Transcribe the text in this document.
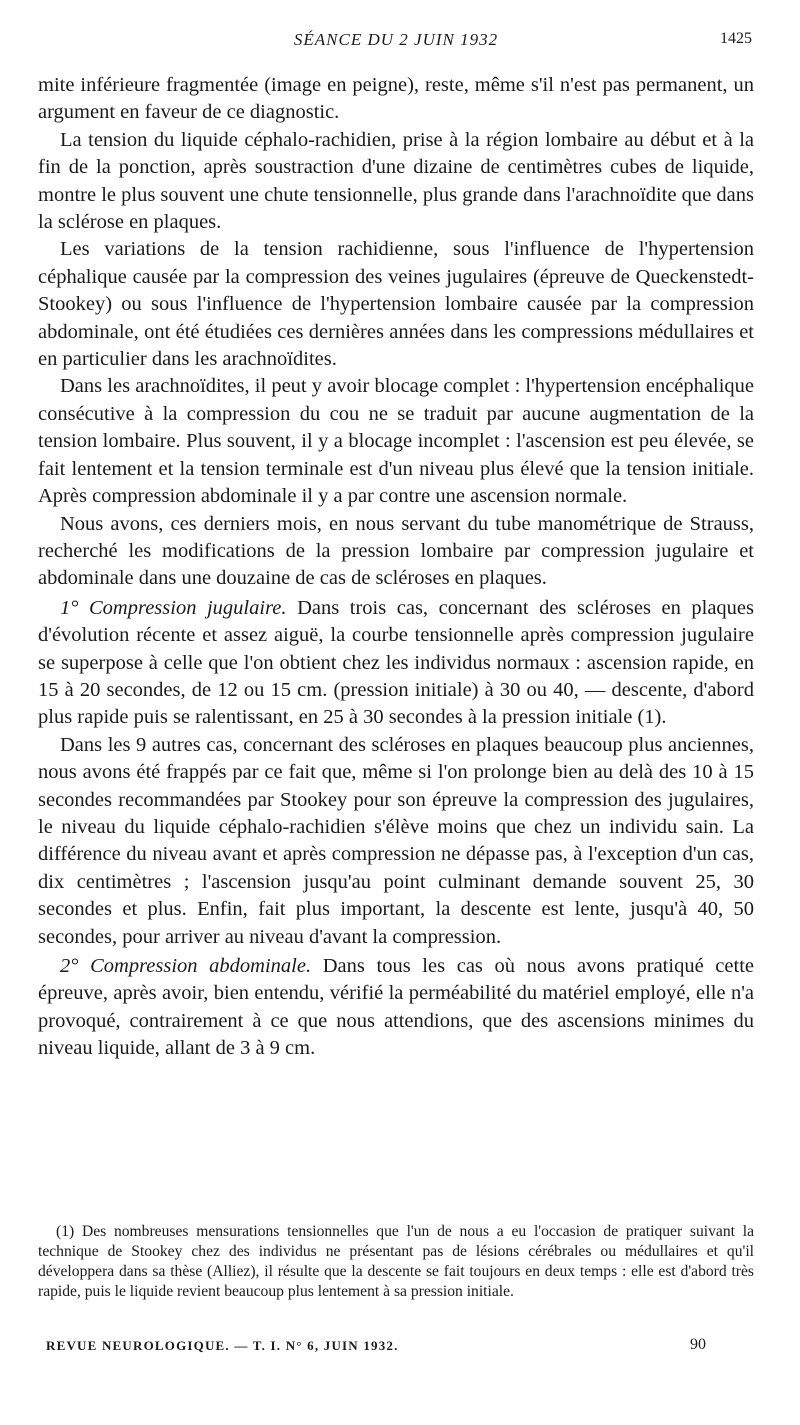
SÉANCE DU 2 JUIN 1932	1425

mite inférieure fragmentée (image en peigne), reste, même s'il n'est pas permanent, un argument en faveur de ce diagnostic.

La tension du liquide céphalo-rachidien, prise à la région lombaire au début et à la fin de la ponction, après soustraction d'une dizaine de centimètres cubes de liquide, montre le plus souvent une chute tensionnelle, plus grande dans l'arachnoïdite que dans la sclérose en plaques.

Les variations de la tension rachidienne, sous l'influence de l'hypertension céphalique causée par la compression des veines jugulaires (épreuve de Queckenstedt-Stookey) ou sous l'influence de l'hypertension lombaire causée par la compression abdominale, ont été étudiées ces dernières années dans les compressions médullaires et en particulier dans les arachnoïdites.

Dans les arachnoïdites, il peut y avoir blocage complet : l'hypertension encéphalique consécutive à la compression du cou ne se traduit par aucune augmentation de la tension lombaire. Plus souvent, il y a blocage incomplet : l'ascension est peu élevée, se fait lentement et la tension terminale est d'un niveau plus élevé que la tension initiale. Après compression abdominale il y a par contre une ascension normale.

Nous avons, ces derniers mois, en nous servant du tube manométrique de Strauss, recherché les modifications de la pression lombaire par compression jugulaire et abdominale dans une douzaine de cas de scléroses en plaques.

1° Compression jugulaire. Dans trois cas, concernant des scléroses en plaques d'évolution récente et assez aiguë, la courbe tensionnelle après compression jugulaire se superpose à celle que l'on obtient chez les individus normaux : ascension rapide, en 15 à 20 secondes, de 12 ou 15 cm. (pression initiale) à 30 ou 40, — descente, d'abord plus rapide puis se ralentissant, en 25 à 30 secondes à la pression initiale (1).

Dans les 9 autres cas, concernant des scléroses en plaques beaucoup plus anciennes, nous avons été frappés par ce fait que, même si l'on prolonge bien au delà des 10 à 15 secondes recommandées par Stookey pour son épreuve la compression des jugulaires, le niveau du liquide céphalo-rachidien s'élève moins que chez un individu sain. La différence du niveau avant et après compression ne dépasse pas, à l'exception d'un cas, dix centimètres ; l'ascension jusqu'au point culminant demande souvent 25, 30 secondes et plus. Enfin, fait plus important, la descente est lente, jusqu'à 40, 50 secondes, pour arriver au niveau d'avant la compression.

2° Compression abdominale. Dans tous les cas où nous avons pratiqué cette épreuve, après avoir, bien entendu, vérifié la perméabilité du matériel employé, elle n'a provoqué, contrairement à ce que nous attendions, que des ascensions minimes du niveau liquide, allant de 3 à 9 cm.

(1) Des nombreuses mensurations tensionnelles que l'un de nous a eu l'occasion de pratiquer suivant la technique de Stookey chez des individus ne présentant pas de lésions cérébrales ou médullaires et qu'il développera dans sa thèse (Alliez), il résulte que la descente se fait toujours en deux temps : elle est d'abord très rapide, puis le liquide revient beaucoup plus lentement à sa pression initiale.

REVUE NEUROLOGIQUE. — T. I. N° 6, JUIN 1932.	90
